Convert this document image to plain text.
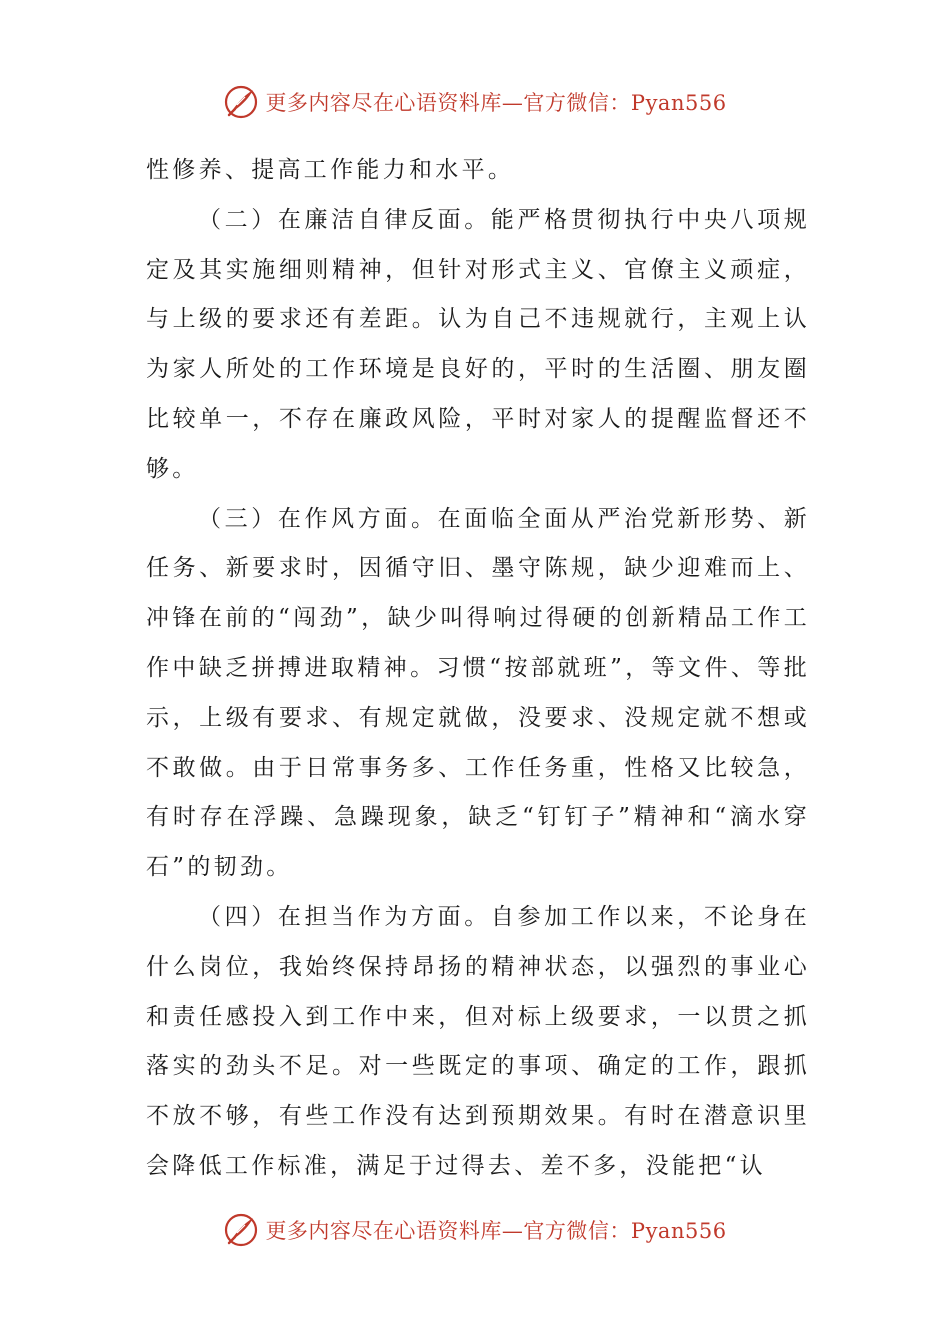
更多内容尽在心语资料库—官方微信：Pyan556

性修养、提高工作能力和水平。

（二）在廉洁自律反面。能严格贯彻执行中央八项规定及其实施细则精神，但针对形式主义、官僚主义顽症，与上级的要求还有差距。认为自己不违规就行，主观上认为家人所处的工作环境是良好的，平时的生活圈、朋友圈比较单一，不存在廉政风险，平时对家人的提醒监督还不够。

（三）在作风方面。在面临全面从严治党新形势、新任务、新要求时，因循守旧、墨守陈规，缺少迎难而上、冲锋在前的“闯劲”，缺少叫得响过得硬的创新精品工作工作中缺乏拼搏进取精神。习惯“按部就班”，等文件、等批示，上级有要求、有规定就做，没要求、没规定就不想或不敢做。由于日常事务多、工作任务重，性格又比较急，有时存在浮躁、急躁现象，缺乏“钉钉子”精神和“滴水穿石”的韧劲。

（四）在担当作为方面。自参加工作以来，不论身在什么岗位，我始终保持昂扬的精神状态，以强烈的事业心和责任感投入到工作中来，但对标上级要求，一以贯之抓落实的劲头不足。对一些既定的事项、确定的工作，跟抓不放不够，有些工作没有达到预期效果。有时在潜意识里会降低工作标准，满足于过得去、差不多，没能把“认

更多内容尽在心语资料库—官方微信：Pyan556
